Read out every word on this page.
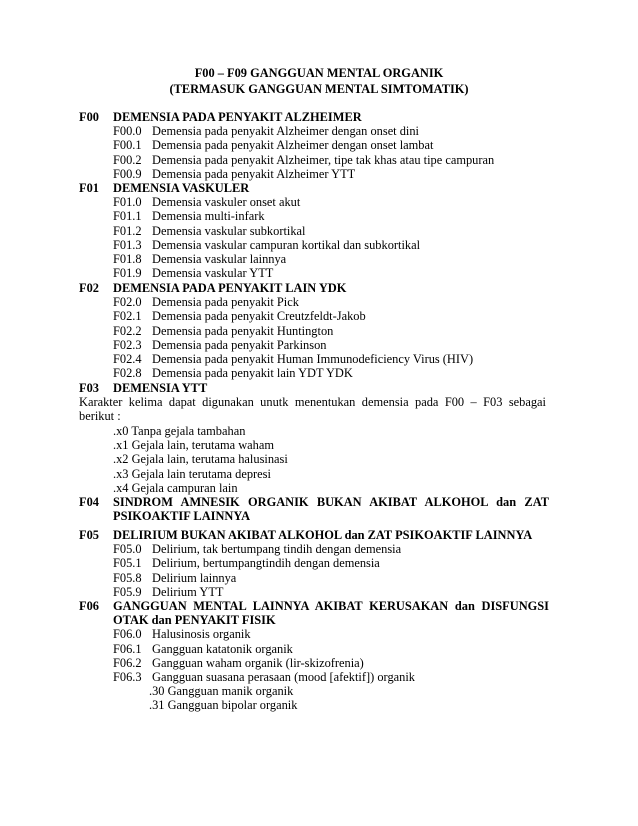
F00 – F09 GANGGUAN MENTAL ORGANIK
(TERMASUK GANGGUAN MENTAL SIMTOMATIK)
F00 DEMENSIA PADA PENYAKIT ALZHEIMER
F00.0 Demensia pada penyakit Alzheimer dengan onset dini
F00.1 Demensia pada penyakit Alzheimer dengan onset lambat
F00.2 Demensia pada penyakit Alzheimer, tipe tak khas atau tipe campuran
F00.9 Demensia pada penyakit Alzheimer YTT
F01 DEMENSIA VASKULER
F01.0 Demensia vaskuler onset akut
F01.1 Demensia multi-infark
F01.2 Demensia vaskular subkortikal
F01.3 Demensia vaskular campuran kortikal dan subkortikal
F01.8 Demensia vaskular lainnya
F01.9 Demensia vaskular YTT
F02 DEMENSIA PADA PENYAKIT LAIN YDK
F02.0 Demensia pada penyakit Pick
F02.1 Demensia pada penyakit Creutzfeldt-Jakob
F02.2 Demensia pada penyakit Huntington
F02.3 Demensia pada penyakit Parkinson
F02.4 Demensia pada penyakit Human Immunodeficiency Virus (HIV)
F02.8 Demensia pada penyakit lain YDT YDK
F03 DEMENSIA YTT
Karakter kelima dapat digunakan unutk menentukan demensia pada F00 – F03 sebagai berikut :
.x0 Tanpa gejala tambahan
.x1 Gejala lain, terutama waham
.x2 Gejala lain, terutama halusinasi
.x3 Gejala lain terutama depresi
.x4 Gejala campuran lain
F04 SINDROM AMNESIK ORGANIK BUKAN AKIBAT ALKOHOL dan ZAT PSIKOAKTIF LAINNYA
F05 DELIRIUM BUKAN AKIBAT ALKOHOL dan ZAT PSIKOAKTIF LAINNYA
F05.0 Delirium, tak bertumpang tindih dengan demensia
F05.1 Delirium, bertumpangtindih dengan demensia
F05.8 Delirium lainnya
F05.9 Delirium YTT
F06 GANGGUAN MENTAL LAINNYA AKIBAT KERUSAKAN dan DISFUNGSI OTAK dan PENYAKIT FISIK
F06.0 Halusinosis organik
F06.1 Gangguan katatonik organik
F06.2 Gangguan waham organik (lir-skizofrenia)
F06.3 Gangguan suasana perasaan (mood [afektif]) organik
.30 Gangguan manik organik
.31 Gangguan bipolar organik
